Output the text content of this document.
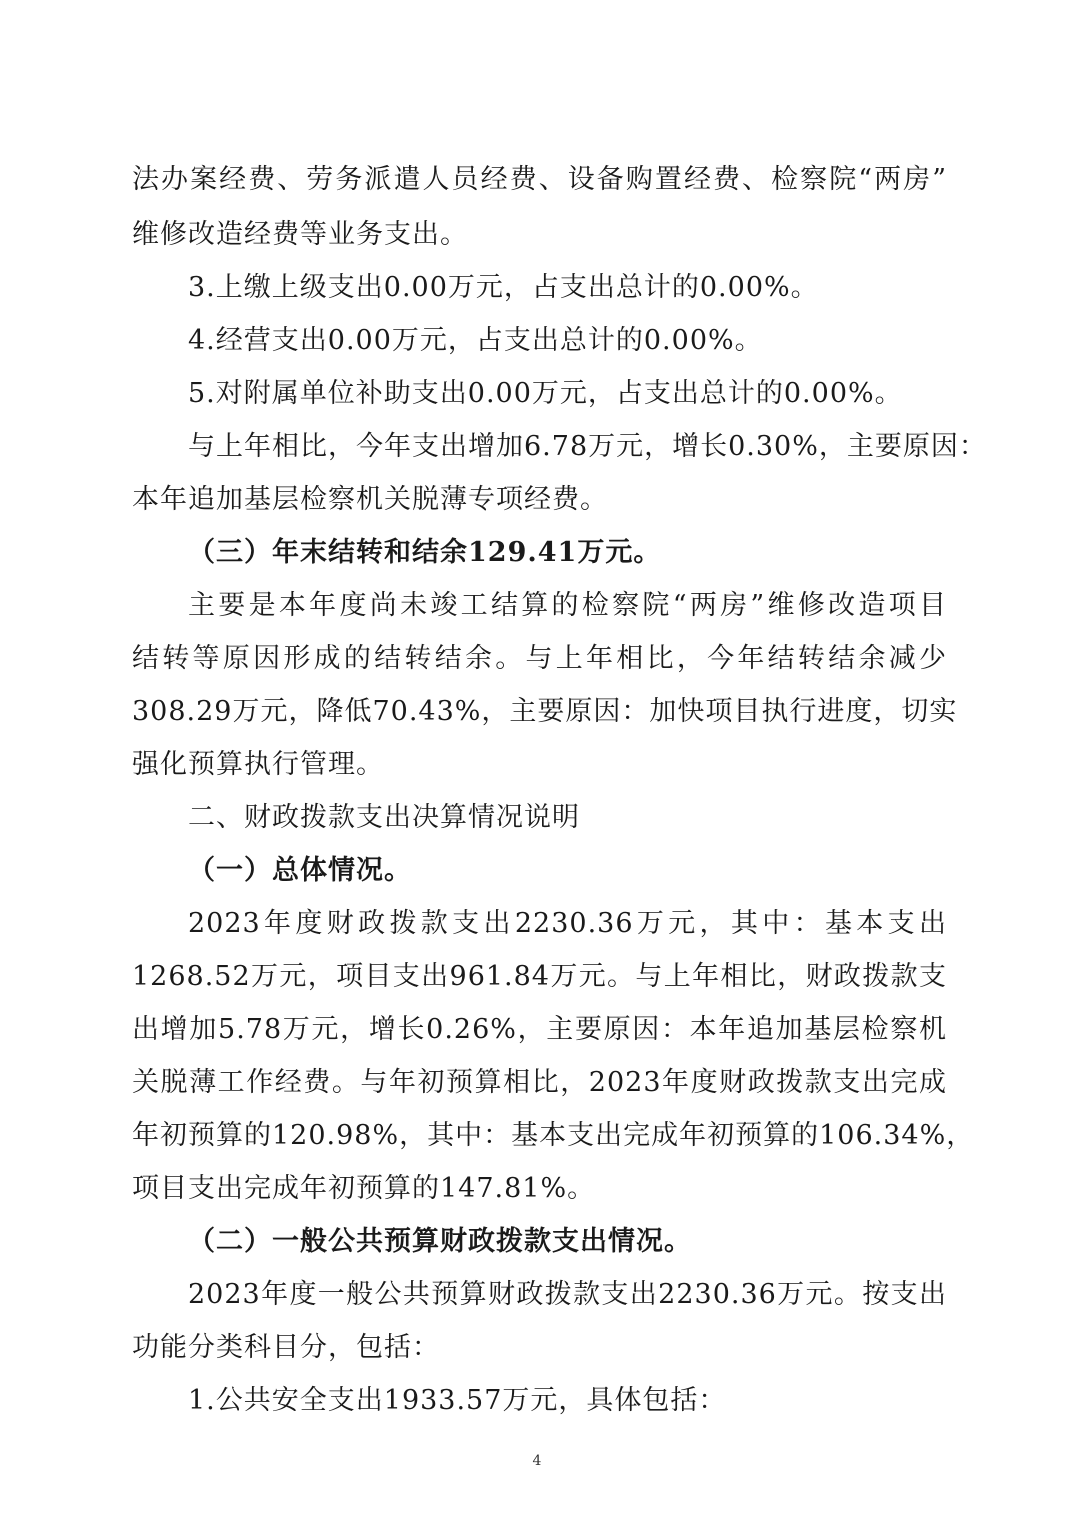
法办案经费、劳务派遣人员经费、设备购置经费、检察院“两房”
维修改造经费等业务支出。
3.上缴上级支出0.00万元，占支出总计的0.00%。
4.经营支出0.00万元，占支出总计的0.00%。
5.对附属单位补助支出0.00万元，占支出总计的0.00%。
与上年相比，今年支出增加6.78万元，增长0.30%，主要原因：
本年追加基层检察机关脱薄专项经费。
（三）年末结转和结余129.41万元。
主要是本年度尚未竣工结算的检察院“两房”维修改造项目
结转等原因形成的结转结余。与上年相比，今年结转结余减少
308.29万元，降低70.43%，主要原因：加快项目执行进度，切实
强化预算执行管理。
二、财政拨款支出决算情况说明
（一）总体情况。
2023年度财政拨款支出2230.36万元，其中：基本支出
1268.52万元，项目支出961.84万元。与上年相比，财政拨款支
出增加5.78万元，增长0.26%，主要原因：本年追加基层检察机
关脱薄工作经费。与年初预算相比，2023年度财政拨款支出完成
年初预算的120.98%，其中：基本支出完成年初预算的106.34%，
项目支出完成年初预算的147.81%。
（二）一般公共预算财政拨款支出情况。
2023年度一般公共预算财政拨款支出2230.36万元。按支出
功能分类科目分，包括：
1.公共安全支出1933.57万元，具体包括：
4
